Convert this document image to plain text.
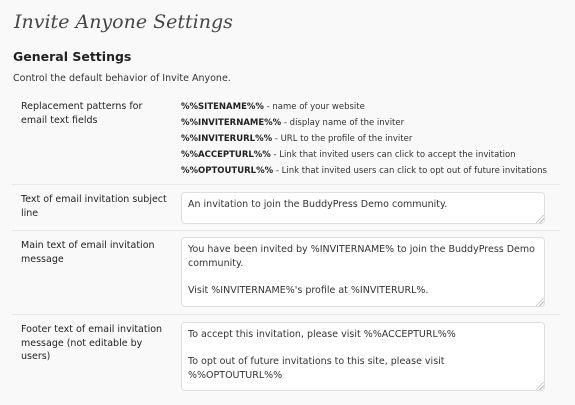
Invite Anyone Settings
General Settings

Control the default behavior of Invite Anyone.

Replacement patterns for email text fields
%%SITENAME%% - name of your website
%%INVITERNAME%% - display name of the inviter
%%INVITERURL%% - URL to the profile of the inviter
%%ACCEPTURL%% - Link that invited users can click to accept the invitation
%%OPTOUTURL%% - Link that invited users can click to opt out of future invitations
Text of email invitation subject line
An invitation to join the BuddyPress Demo community.
Main text of email invitation message
You have been invited by %INVITERNAME% to join the BuddyPress Demo community. Visit %INVITERNAME%'s profile at %INVITERURL%.
Footer text of email invitation message (not editable by users)
To accept this invitation, please visit %%ACCEPTURL%% To opt out of future invitations to this site, please visit %%OPTOUTURL%%
